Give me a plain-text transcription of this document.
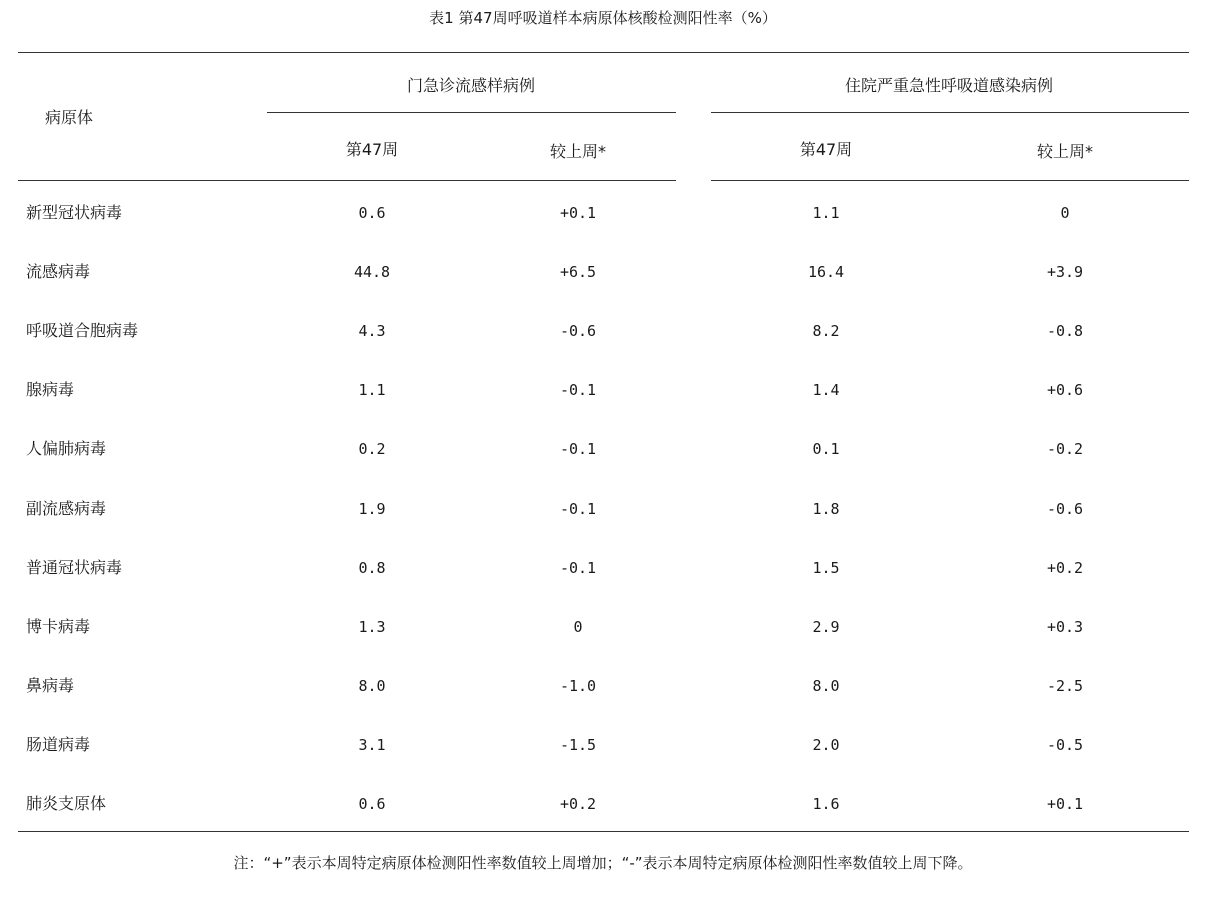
表1 第47周呼吸道样本病原体核酸检测阳性率（%）
病原体
门急诊流感样病例	住院严重急性呼吸道感染病例
第47周	较上周*	第47周	较上周*
新型冠状病毒	0.6	+0.1	1.1	0
流感病毒	44.8	+6.5	16.4	+3.9
呼吸道合胞病毒	4.3	-0.6	8.2	-0.8
腺病毒	1.1	-0.1	1.4	+0.6
人偏肺病毒	0.2	-0.1	0.1	-0.2
副流感病毒	1.9	-0.1	1.8	-0.6
普通冠状病毒	0.8	-0.1	1.5	+0.2
博卡病毒	1.3	0	2.9	+0.3
鼻病毒	8.0	-1.0	8.0	-2.5
肠道病毒	3.1	-1.5	2.0	-0.5
肺炎支原体	0.6	+0.2	1.6	+0.1
注：“+”表示本周特定病原体检测阳性率数值较上周增加；“-”表示本周特定病原体检测阳性率数值较上周下降。
